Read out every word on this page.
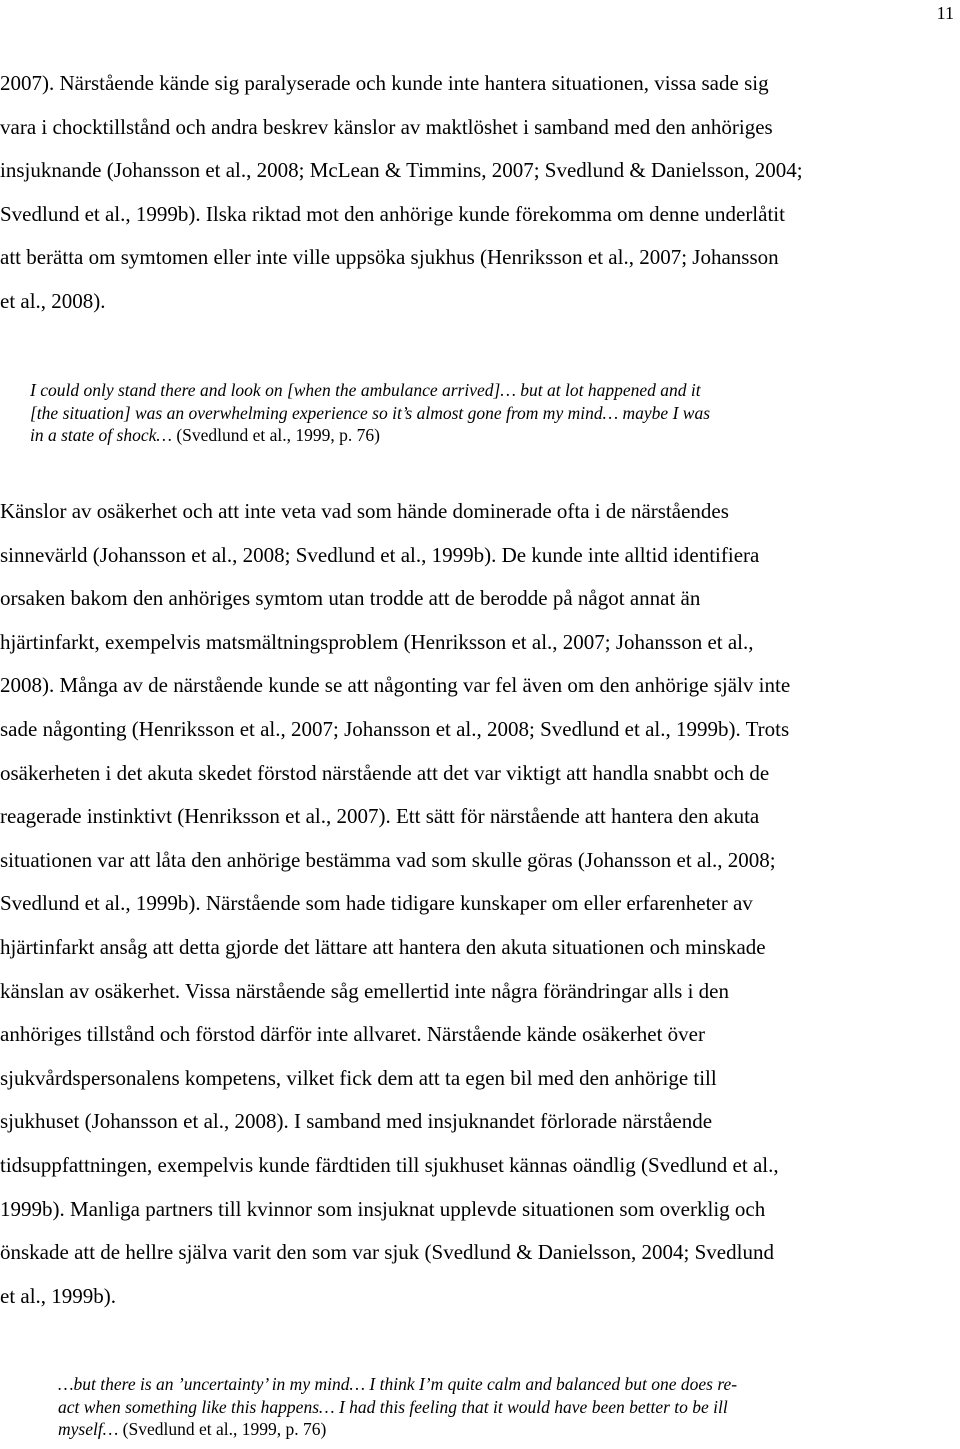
11
2007). Närstående kände sig paralyserade och kunde inte hantera situationen, vissa sade sig
vara i chocktillstånd och andra beskrev känslor av maktlöshet i samband med den anhöriges
insjuknande (Johansson et al., 2008; McLean & Timmins, 2007; Svedlund & Danielsson, 2004;
Svedlund et al., 1999b). Ilska riktad mot den anhörige kunde förekomma om denne underlåtit
att berätta om symtomen eller inte ville uppsöka sjukhus (Henriksson et al., 2007; Johansson
et al., 2008).
I could only stand there and look on [when the ambulance arrived]… but at lot happened and it
[the situation] was an overwhelming experience so it’s almost gone from my mind… maybe I was
in a state of shock… (Svedlund et al., 1999, p. 76)
Känslor av osäkerhet och att inte veta vad som hände dominerade ofta i de närståendes
sinnevärld (Johansson et al., 2008; Svedlund et al., 1999b). De kunde inte alltid identifiera
orsaken bakom den anhöriges symtom utan trodde att de berodde på något annat än
hjärtinfarkt, exempelvis matsmältningsproblem (Henriksson et al., 2007; Johansson et al.,
2008). Många av de närstående kunde se att någonting var fel även om den anhörige själv inte
sade någonting (Henriksson et al., 2007; Johansson et al., 2008; Svedlund et al., 1999b). Trots
osäkerheten i det akuta skedet förstod närstående att det var viktigt att handla snabbt och de
reagerade instinktivt (Henriksson et al., 2007). Ett sätt för närstående att hantera den akuta
situationen var att låta den anhörige bestämma vad som skulle göras (Johansson et al., 2008;
Svedlund et al., 1999b). Närstående som hade tidigare kunskaper om eller erfarenheter av
hjärtinfarkt ansåg att detta gjorde det lättare att hantera den akuta situationen och minskade
känslan av osäkerhet. Vissa närstående såg emellertid inte några förändringar alls i den
anhöriges tillstånd och förstod därför inte allvaret. Närstående kände osäkerhet över
sjukvårdspersonalens kompetens, vilket fick dem att ta egen bil med den anhörige till
sjukhuset (Johansson et al., 2008). I samband med insjuknandet förlorade närstående
tidsuppfattningen, exempelvis kunde färdtiden till sjukhuset kännas oändlig (Svedlund et al.,
1999b). Manliga partners till kvinnor som insjuknat upplevde situationen som overklig och
önskade att de hellre själva varit den som var sjuk (Svedlund & Danielsson, 2004; Svedlund
et al., 1999b).
…but there is an ’uncertainty’ in my mind… I think I’m quite calm and balanced but one does re-
act when something like this happens… I had this feeling that it would have been better to be ill
myself… (Svedlund et al., 1999, p. 76)
